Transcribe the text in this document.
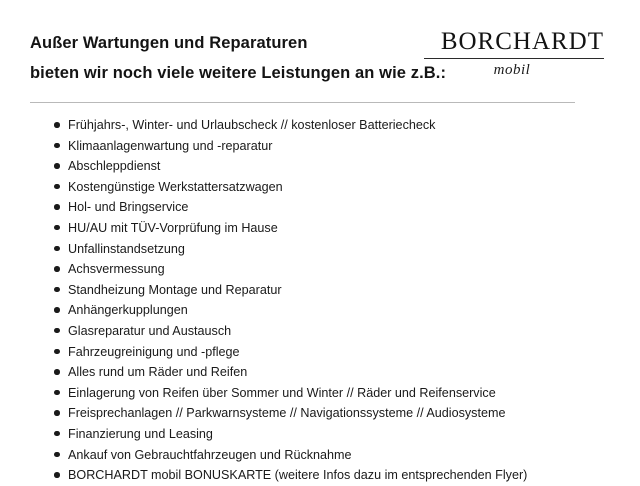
Außer Wartungen und Reparaturen
bieten wir noch viele weitere Leistungen an wie z.B.:
BORCHARDT
mobil
Frühjahrs-, Winter- und Urlaubscheck // kostenloser Batteriecheck
Klimaanlagenwartung und -reparatur
Abschleppdienst
Kostengünstige Werkstattersatzwagen
Hol- und Bringservice
HU/AU mit TÜV-Vorprüfung im Hause
Unfallinstandsetzung
Achsvermessung
Standheizung Montage und Reparatur
Anhängerkupplungen
Glasreparatur und Austausch
Fahrzeugreinigung und -pflege
Alles rund um Räder und Reifen
Einlagerung von Reifen über Sommer und Winter // Räder und Reifenservice
Freisprechanlagen // Parkwarnsysteme // Navigationssysteme // Audiosysteme
Finanzierung und Leasing
Ankauf von Gebrauchtfahrzeugen und Rücknahme
BORCHARDT mobil BONUSKARTE (weitere Infos dazu im entsprechenden Flyer)
